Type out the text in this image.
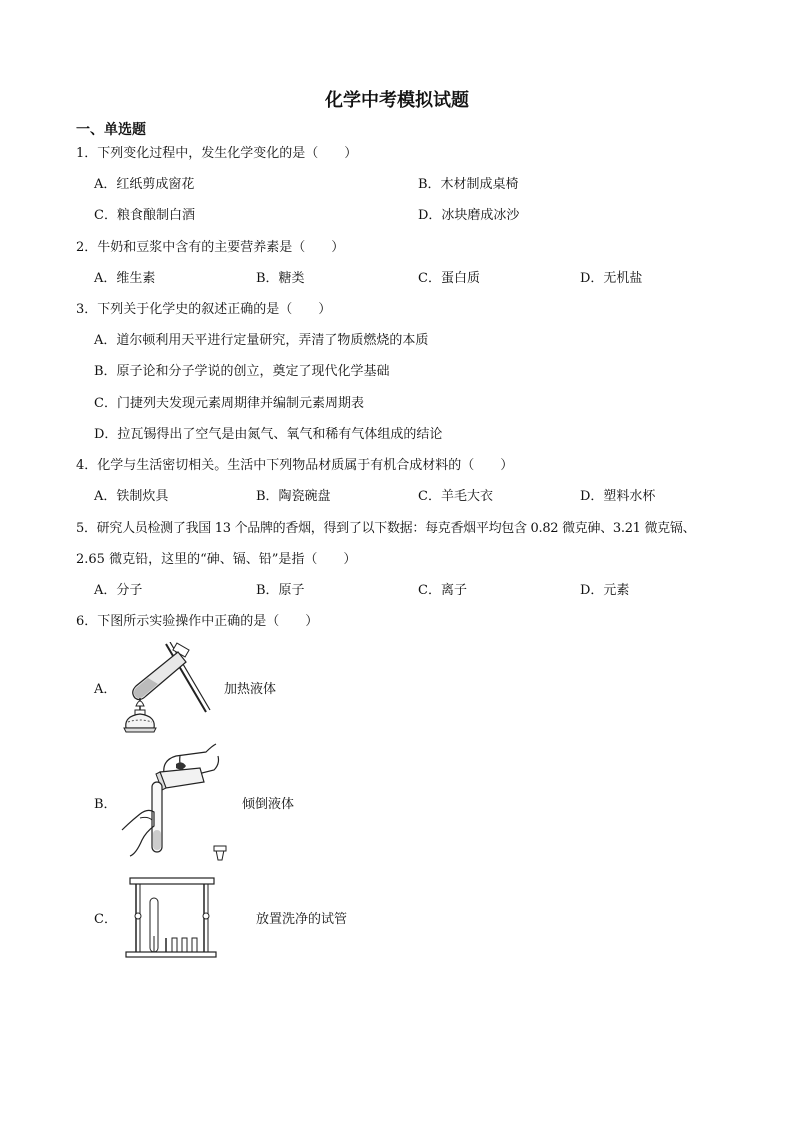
化学中考模拟试题
一、单选题
1．下列变化过程中，发生化学变化的是（　　）
A．红纸剪成窗花	B．木材制成桌椅
C．粮食酿制白酒	D．冰块磨成冰沙
2．牛奶和豆浆中含有的主要营养素是（　　）
A．维生素	B．糖类	C．蛋白质	D．无机盐
3．下列关于化学史的叙述正确的是（　　）
A．道尔顿利用天平进行定量研究，弄清了物质燃烧的本质
B．原子论和分子学说的创立，奠定了现代化学基础
C．门捷列夫发现元素周期律并编制元素周期表
D．拉瓦锡得出了空气是由氮气、氧气和稀有气体组成的结论
4．化学与生活密切相关。生活中下列物品材质属于有机合成材料的（　　）
A．铁制炊具	B．陶瓷碗盘	C．羊毛大衣	D．塑料水杯
5．研究人员检测了我国 13 个品牌的香烟，得到了以下数据：每克香烟平均包含 0.82 微克砷、3.21 微克镉、
2.65 微克铅，这里的“砷、镉、铅”是指（　　）
A．分子	B．原子	C．离子	D．元素
6．下图所示实验操作中正确的是（　　）
A．	加热液体
B．	倾倒液体
C．	放置洗净的试管
